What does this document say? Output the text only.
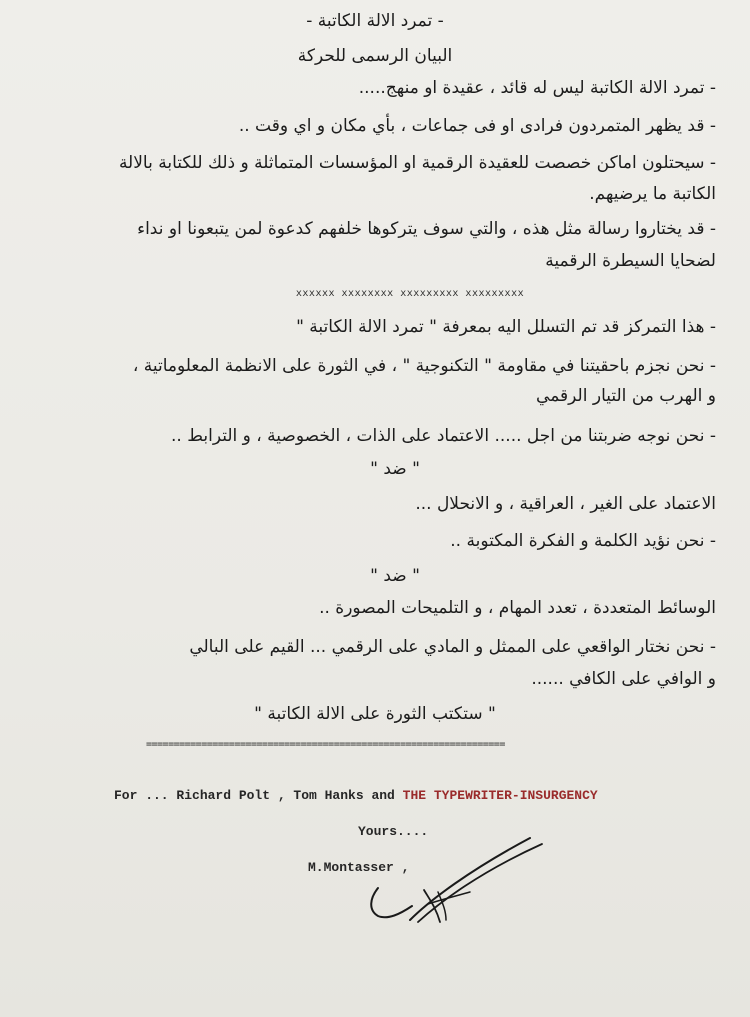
- تمرد الالة الكاتبة -
البيان الرسمى للحركة
- تمرد الالة الكاتبة ليس له قائد ، عقيدة او منهج.....
- قد يظهر المتمردون فرادى او فى جماعات ، بأي مكان و اي وقت ..
- سيحتلون اماكن خصصت للعقيدة الرقمية او المؤسسات المتماثلة و ذلك للكتابة بالالة
الكاتبة ما يرضيهم.
- قد يختاروا رسالة مثل هذه ، والتي سوف يتركوها خلفهم كدعوة لمن يتبعونا او نداء
لضحايا السيطرة الرقمية
xxxxxx xxxxxxxx xxxxxxxxx xxxxxxxxx
- هذا التمركز قد تم التسلل اليه بمعرفة " تمرد الالة الكاتبة "
- نحن نجزم باحقيتنا في مقاومة " التكنوجية " ، في الثورة على الانظمة المعلوماتية ،
و الهرب من التيار الرقمي
- نحن نوجه ضربتنا من اجل ..... الاعتماد على الذات ، الخصوصية ، و الترابط ..
" ضد "
الاعتماد على الغير ، العراقية ، و الانحلال ...
- نحن نؤيد الكلمة و الفكرة المكتوبة ..
" ضد "
الوسائط المتعددة ، تعدد المهام ، و التلميحات المصورة ..
- نحن نختار الواقعي على الممثل و المادي على الرقمي ... القيم على البالي
و الوافي على الكافي ......
" ستكتب الثورة على الالة الكاتبة "
=================================================================
For ... Richard Polt , Tom Hanks and THE TYPEWRITER-INSURGENCY
Yours....
M.Montasser ,
